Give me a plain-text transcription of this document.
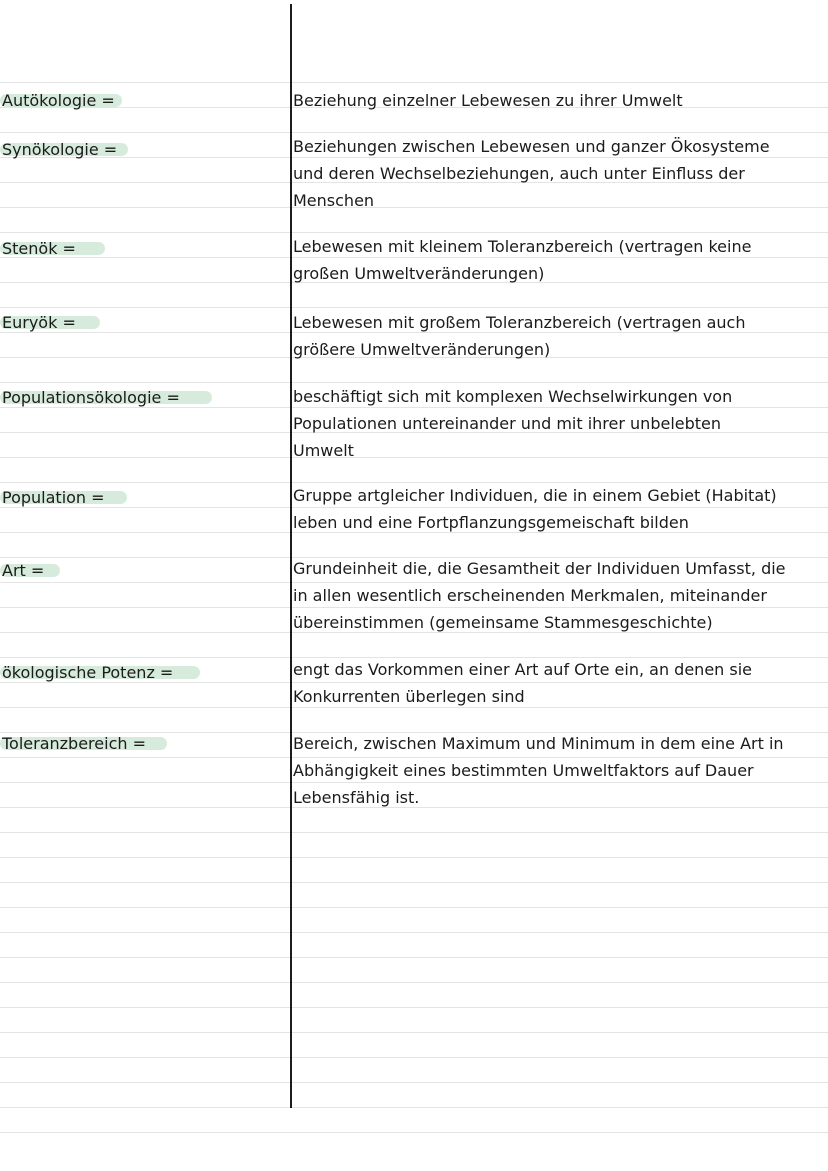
Autökologie =	Beziehung einzelner Lebewesen zu ihrer Umwelt
Synökologie =	Beziehungen zwischen Lebewesen und ganzer Ökosysteme
und deren Wechselbeziehungen, auch unter Einfluss der
Menschen
Stenök =	Lebewesen mit kleinem Toleranzbereich (vertragen keine
großen Umweltveränderungen)
Euryök =	Lebewesen mit großem Toleranzbereich (vertragen auch
größere Umweltveränderungen)
Populationsökologie =	beschäftigt sich mit komplexen Wechselwirkungen von
Populationen untereinander und mit ihrer unbelebten
Umwelt
Population =	Gruppe artgleicher Individuen, die in einem Gebiet (Habitat)
leben und eine Fortpflanzungsgemeischaft bilden
Art =	Grundeinheit die, die Gesamtheit der Individuen Umfasst, die
in allen wesentlich erscheinenden Merkmalen, miteinander
übereinstimmen (gemeinsame Stammesgeschichte)
ökologische Potenz =	engt das Vorkommen einer Art auf Orte ein, an denen sie
Konkurrenten überlegen sind
Toleranzbereich =	Bereich, zwischen Maximum und Minimum in dem eine Art in
Abhängigkeit eines bestimmten Umweltfaktors auf Dauer
Lebensfähig ist.
